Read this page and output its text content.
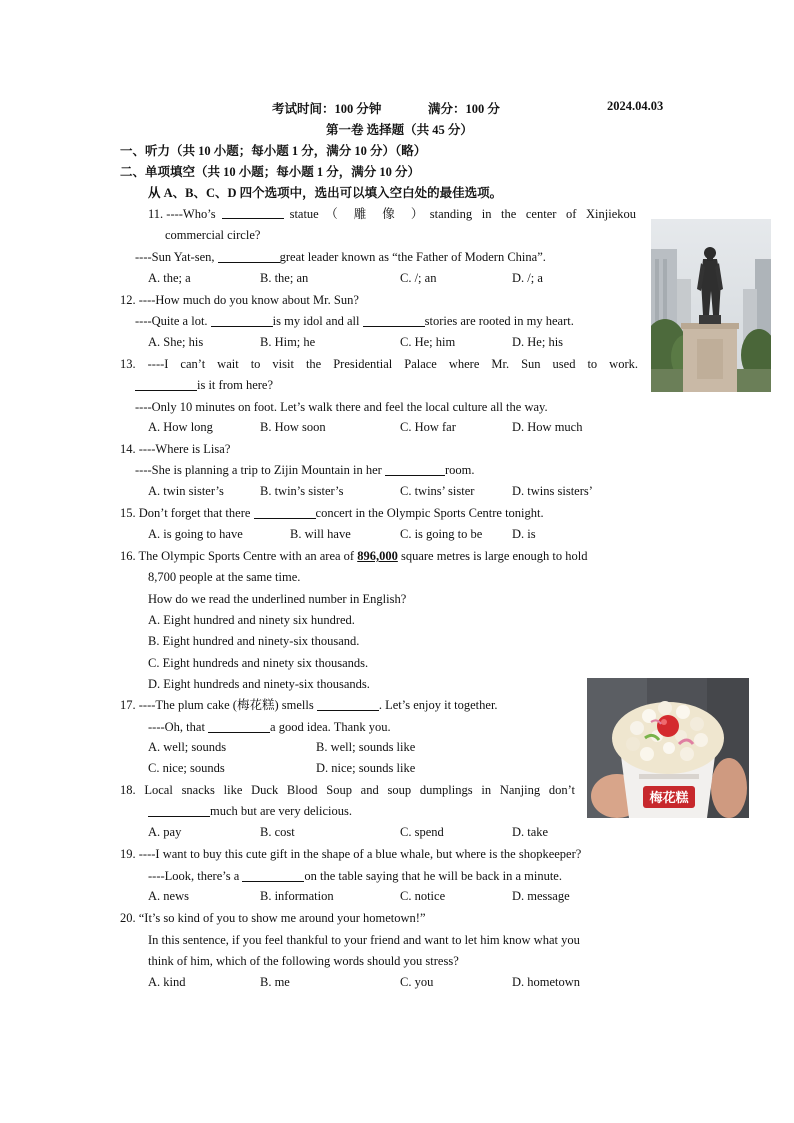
考试时间：100 分钟	满分：100 分	2024.04.03
第一卷 选择题（共 45 分）
一、听力（共 10 小题；每小题 1 分，满分 10 分）（略）
二、单项填空（共 10 小题；每小题 1 分，满分 10 分）
从 A、B、C、D 四个选项中，选出可以填入空白处的最佳选项。
11. ----Who’s	statue（ 雕 像 ）standing in the center of Xinjiekou
commercial circle?
----Sun Yat-sen,	great leader known as “the Father of Modern China”.
A. the; a	B. the; an	C. /; an	D. /; a
12. ----How much do you know about Mr. Sun?
----Quite a lot.	is my idol and all	stories are rooted in my heart.
A. She; his	B. Him; he	C. He; him	D. He; his
13. ----I can’t wait to visit the Presidential Palace where Mr. Sun used to work.
is it from here?
----Only 10 minutes on foot. Let’s walk there and feel the local culture all the way.
A. How long	B. How soon	C. How far	D. How much
14. ----Where is Lisa?
----She is planning a trip to Zijin Mountain in her	room.
A. twin sister’s	B. twin’s sister’s	C. twins’ sister	D. twins sisters’
15. Don’t forget that there	concert in the Olympic Sports Centre tonight.
A. is going to have	B. will have	C. is going to be D. is
16. The Olympic Sports Centre with an area of 896,000 square metres is large enough to hold
8,700 people at the same time.
How do we read the underlined number in English?
A. Eight hundred and ninety six hundred.
B. Eight hundred and ninety-six thousand.
C. Eight hundreds and ninety six thousands.
D. Eight hundreds and ninety-six thousands.
17. ----The plum cake (梅花糕) smells	. Let’s enjoy it together.
----Oh, that	a good idea. Thank you.
A. well; sounds	B. well; sounds like
C. nice; sounds	D. nice; sounds like
18. Local snacks like Duck Blood Soup and soup dumplings in Nanjing don’t
much but are very delicious.
A. pay	B. cost	C. spend	D. take
19. ----I want to buy this cute gift in the shape of a blue whale, but where is the shopkeeper?
----Look, there’s a	on the table saying that he will be back in a minute.
A. news	B. information	C. notice	D. message
20. “It’s so kind of you to show me around your hometown!”
In this sentence, if you feel thankful to your friend and want to let him know what you
think of him, which of the following words should you stress?
A. kind	B. me	C. you	D. hometown
梅花糕
